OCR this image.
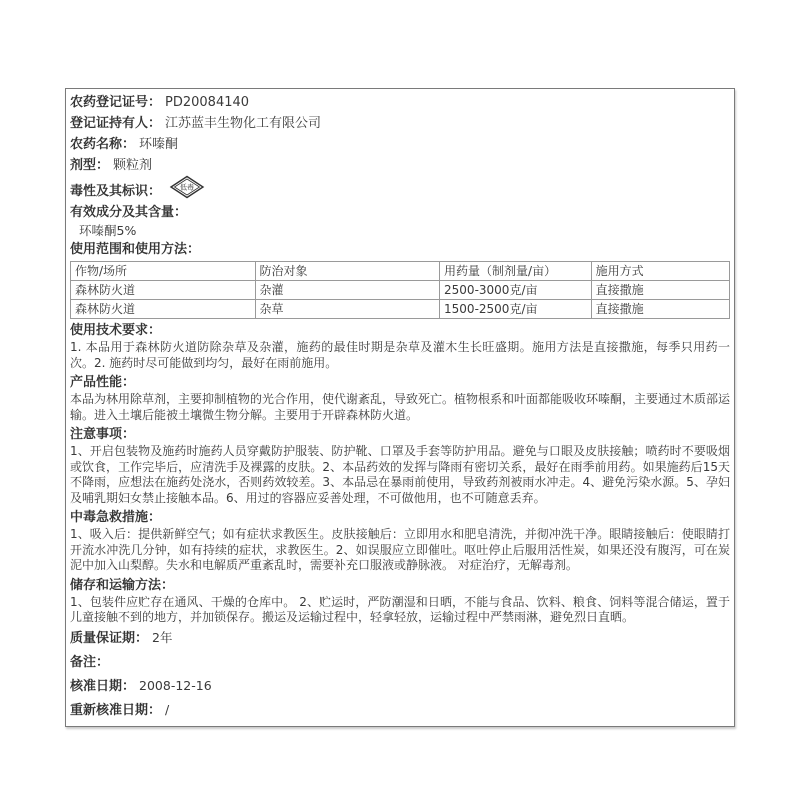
农药登记证号： PD20084140
登记证持有人： 江苏蓝丰生物化工有限公司
农药名称： 环嗪酮
剂型： 颗粒剂
毒性及其标识：	低毒
有效成分及其含量：
环嗪酮5%
使用范围和使用方法：
作物/场所	防治对象	用药量（制剂量/亩）	施用方式
森林防火道	杂灌	2500-3000克/亩	直接撒施
森林防火道	杂草	1500-2500克/亩	直接撒施
使用技术要求：
1. 本品用于森林防火道防除杂草及杂灌，施药的最佳时期是杂草及灌木生长旺盛期。施用方法是直接撒施，每季只用药一次。2. 施药时尽可能做到均匀，最好在雨前施用。
产品性能：
本品为林用除草剂，主要抑制植物的光合作用，使代谢紊乱，导致死亡。植物根系和叶面都能吸收环嗪酮，主要通过木质部运输。进入土壤后能被土壤微生物分解。主要用于开辟森林防火道。
注意事项：
1、开启包装物及施药时施药人员穿戴防护服装、防护靴、口罩及手套等防护用品。避免与口眼及皮肤接触；喷药时不要吸烟或饮食，工作完毕后，应清洗手及裸露的皮肤。2、本品药效的发挥与降雨有密切关系，最好在雨季前用药。如果施药后15天不降雨，应想法在施药处浇水，否则药效较差。3、本品忌在暴雨前使用，导致药剂被雨水冲走。4、避免污染水源。5、孕妇及哺乳期妇女禁止接触本品。6、用过的容器应妥善处理，不可做他用，也不可随意丢弃。
中毒急救措施：
1、吸入后：提供新鲜空气；如有症状求教医生。皮肤接触后：立即用水和肥皂清洗，并彻冲洗干净。眼睛接触后：使眼睛打开流水冲洗几分钟，如有持续的症状，求教医生。2、如误服应立即催吐。呕吐停止后服用活性炭，如果还没有腹泻，可在炭泥中加入山梨醇。失水和电解质严重紊乱时，需要补充口服液或静脉液。 对症治疗，无解毒剂。
储存和运输方法：
1、包装件应贮存在通风、干燥的仓库中。 2、贮运时，严防潮湿和日晒，不能与食品、饮料、粮食、饲料等混合储运，置于儿童接触不到的地方，并加锁保存。搬运及运输过程中，轻拿轻放，运输过程中严禁雨淋，避免烈日直晒。
质量保证期： 2年
备注：
核准日期： 2008-12-16
重新核准日期： /
